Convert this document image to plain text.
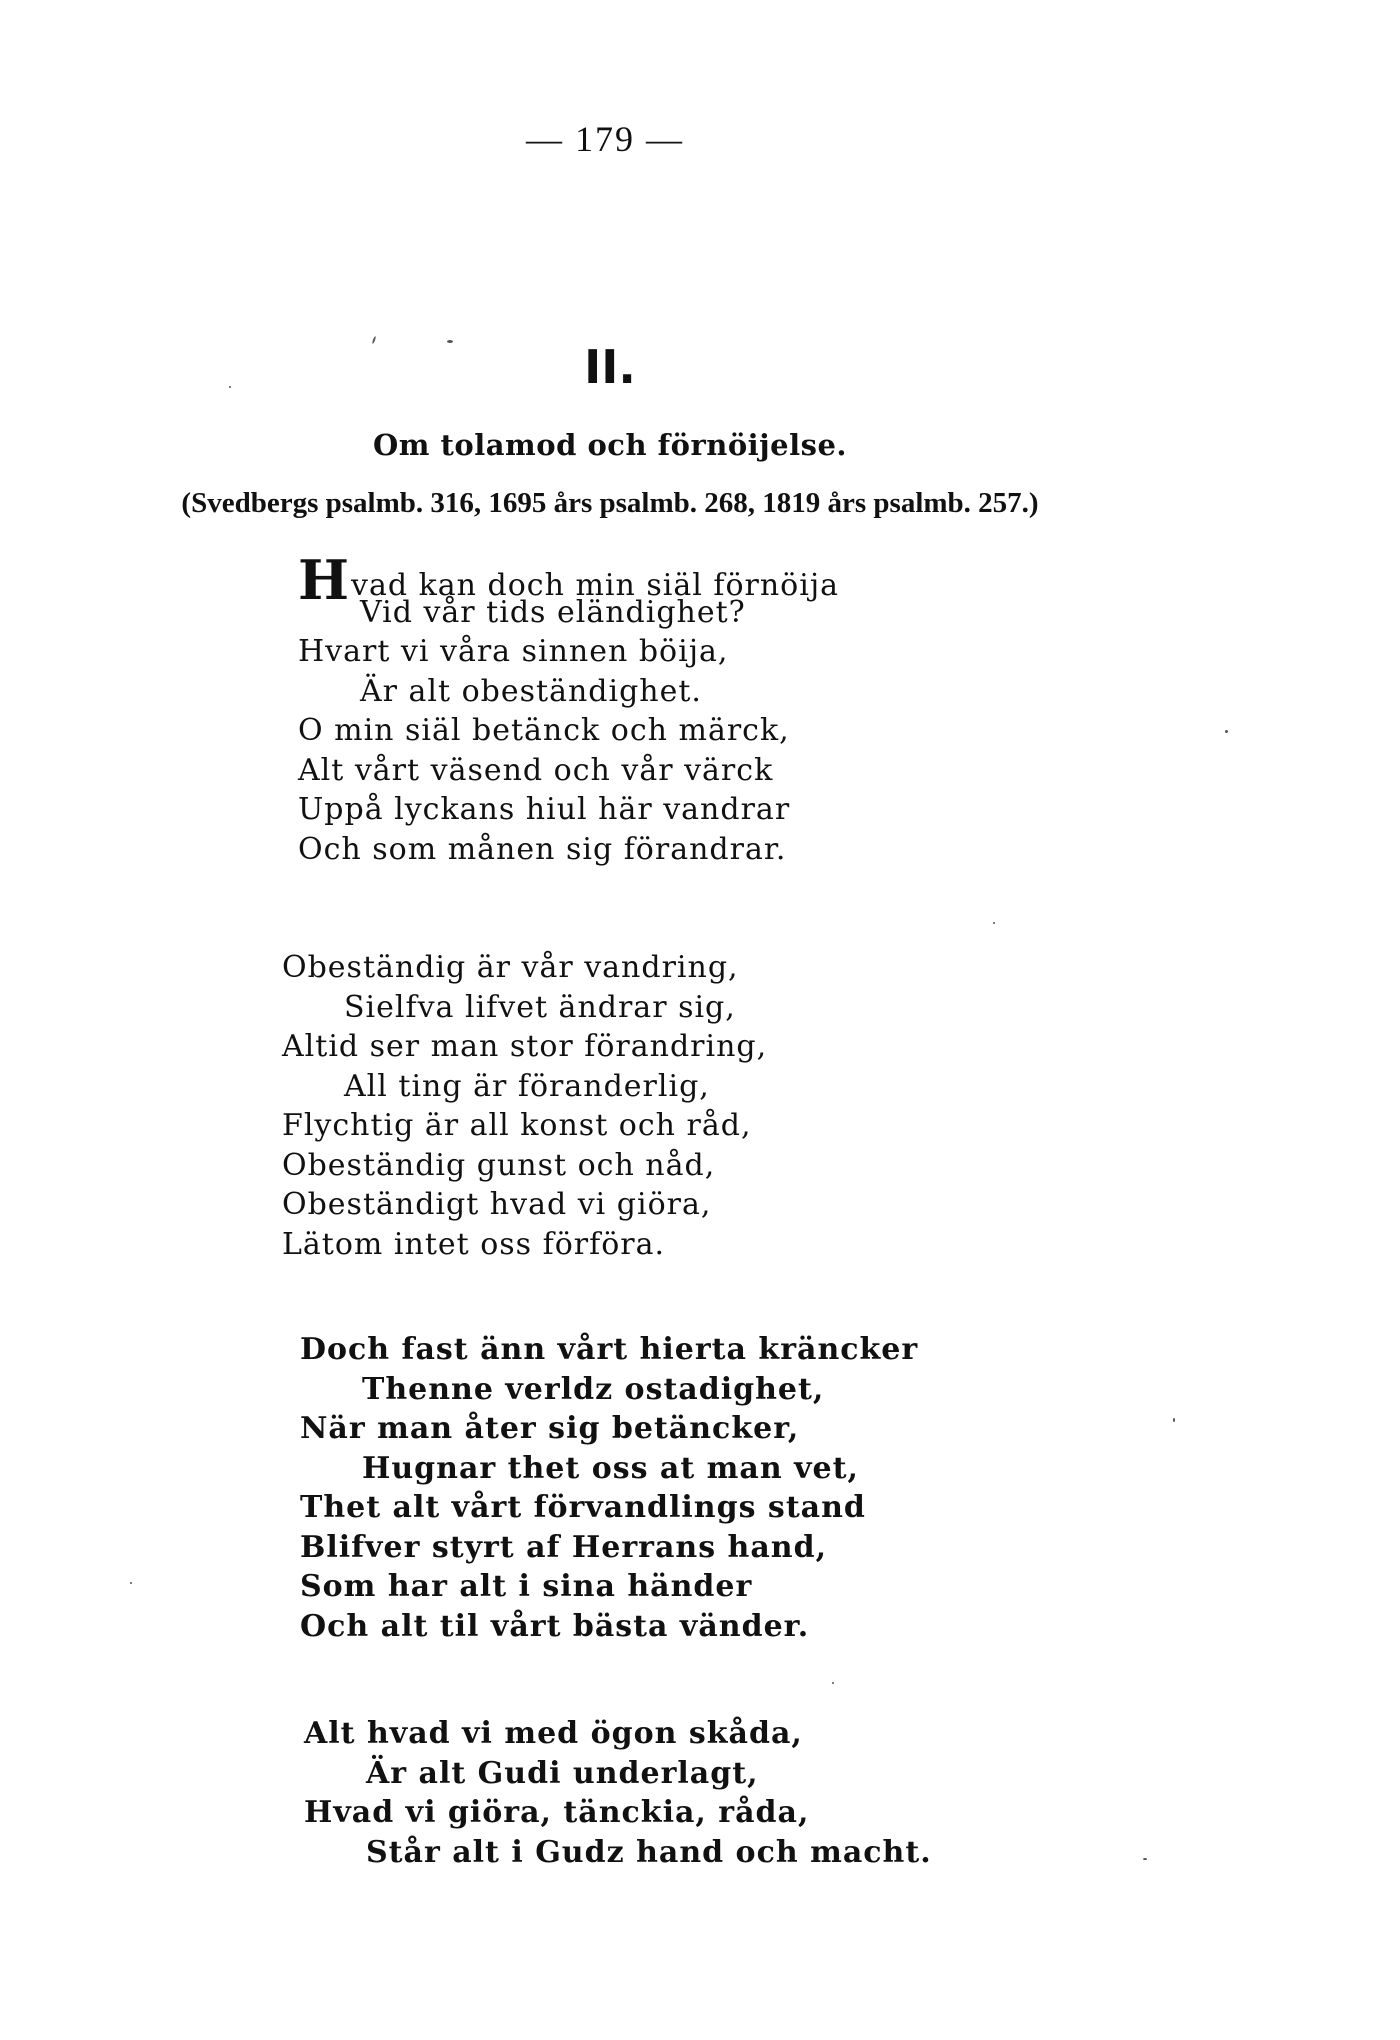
— 179 —
II.
Om tolamod och förnöijelse.
(Svedbergs psalmb. 316, 1695 års psalmb. 268, 1819 års psalmb. 257.)
Hvad kan doch min siäl förnöija
Vid vår tids eländighet?
Hvart vi våra sinnen böija,
Är alt obeständighet.
O min siäl betänck och märck,
Alt vårt väsend och vår värck
Uppå lyckans hiul här vandrar
Och som månen sig förandrar.
Obeständig är vår vandring,
Sielfva lifvet ändrar sig,
Altid ser man stor förandring,
All ting är föranderlig,
Flychtig är all konst och råd,
Obeständig gunst och nåd,
Obeständigt hvad vi giöra,
Lätom intet oss förföra.
Doch fast änn vårt hierta kräncker
Thenne verldz ostadighet,
När man åter sig betäncker,
Hugnar thet oss at man vet,
Thet alt vårt förvandlings stand
Blifver styrt af Herrans hand,
Som har alt i sina händer
Och alt til vårt bästa vänder.
Alt hvad vi med ögon skåda,
Är alt Gudi underlagt,
Hvad vi giöra, tänckia, råda,
Står alt i Gudz hand och macht.
